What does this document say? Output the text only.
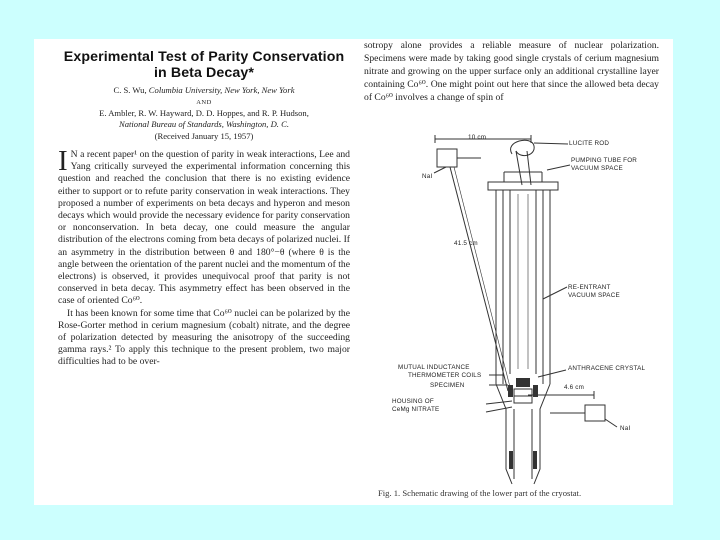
Experimental Test of Parity Conservation
in Beta Decay*
C. S. Wu, Columbia University, New York, New York
AND
E. Ambler, R. W. Hayward, D. D. Hoppes, and R. P. Hudson,
National Bureau of Standards, Washington, D. C.
(Received January 15, 1957)

I N a recent paper¹ on the question of parity in weak interactions, Lee and Yang critically surveyed the experimental information concerning this question and reached the conclusion that there is no existing evidence either to support or to refute parity conservation in weak interactions. They proposed a number of experiments on beta decays and hyperon and meson decays which would provide the necessary evidence for parity conservation or nonconservation. In beta decay, one could measure the angular distribution of the electrons coming from beta decays of polarized nuclei. If an asymmetry in the distribution between θ and 180°−θ (where θ is the angle between the orientation of the parent nuclei and the momentum of the electrons) is observed, it provides unequivocal proof that parity is not conserved in beta decay. This asymmetry effect has been observed in the case of oriented Co⁶⁰.

It has been known for some time that Co⁶⁰ nuclei can be polarized by the Rose-Gorter method in cerium magnesium (cobalt) nitrate, and the degree of polarization detected by measuring the anisotropy of the succeeding gamma rays.² To apply this technique to the present problem, two major difficulties had to be over-

sotropy alone provides a reliable measure of nuclear polarization. Specimens were made by taking good single crystals of cerium magnesium nitrate and growing on the upper surface only an additional crystalline layer containing Co⁶⁰. One might point out here that since the allowed beta decay of Co⁶⁰ involves a change of spin of

10 cm
LUCITE ROD
PUMPING TUBE FOR
VACUUM SPACE
NaI
41.5 cm
RE-ENTRANT
VACUUM SPACE
MUTUAL INDUCTANCE
THERMOMETER COILS
ANTHRACENE CRYSTAL
SPECIMEN	4.6 cm
HOUSING OF
CeMg NITRATE
NaI
Fig. 1. Schematic drawing of the lower part of the cryostat.
